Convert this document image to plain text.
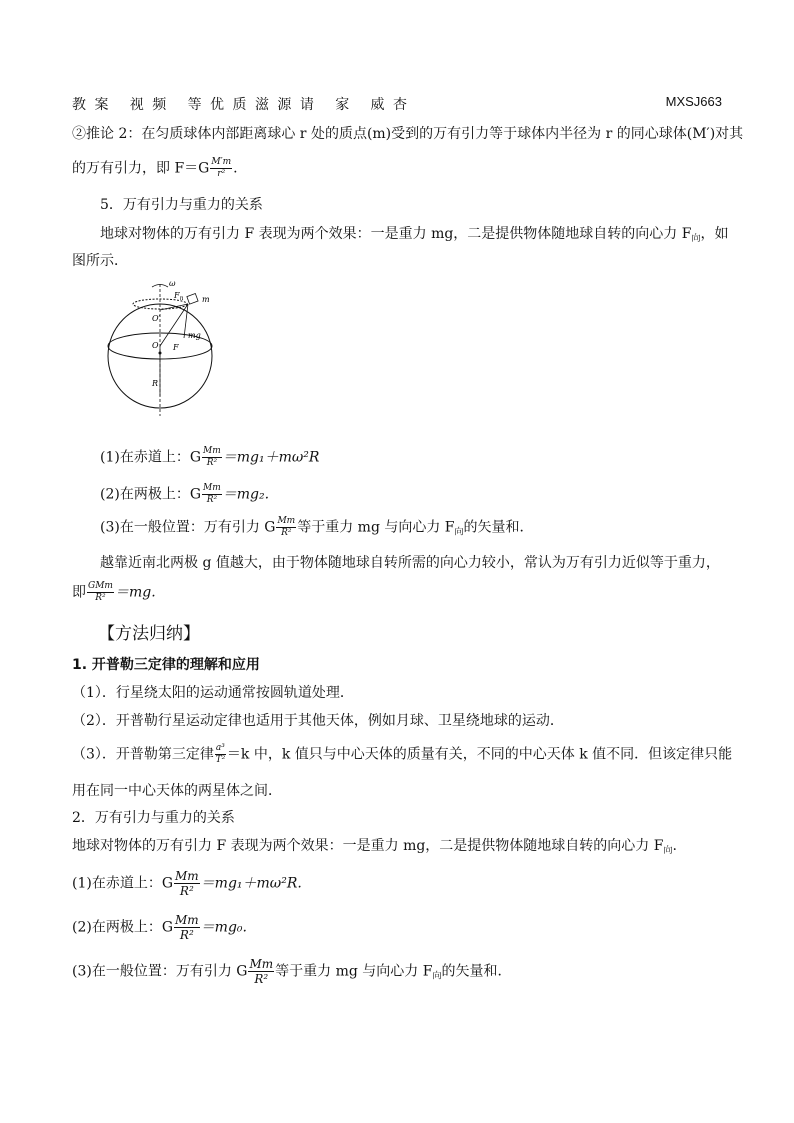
教 案   视 频   等 优 质 滋 源 请   家   威 杏	MXSJ663
②推论 2：在匀质球体内部距离球心 r 处的质点(m)受到的万有引力等于球体内半径为 r 的同心球体(M′)对其
的万有引力，即 $F=G \frac{M'm}{\text{r²}}$ .
5．万有引力与重力的关系
地球对物体的万有引力 F 表现为两个效果：一是重力 mg，二是提供物体随地球自转的向心力 $F_向$，如
图所示．
ω
$F_n$ m
O′
mg
O F
R
(1)在赤道上：G $\frac{Mm}{\text{R²}} =mg_1+m\omega^2R$
(2)在两极上：G $\frac{Mm}{\text{R²}} =mg_2$.
(3)在一般位置：万有引力 G $\frac{Mm}{\text{R²}}$ 等于重力 mg 与向心力 $F_向$的矢量和．
越靠近南北两极 g 值越大，由于物体随地球自转所需的向心力较小，常认为万有引力近似等于重力，
即 $\frac{\text{GMm}}{\text{R²}} =mg$.
【方法归纳】
1. 开普勒三定律的理解和应用
（1）．行星绕太阳的运动通常按圆轨道处理．
（2）．开普勒行星运动定律也适用于其他天体，例如月球、卫星绕地球的运动．
（3）．开普勒第三定律 $\frac{\text{a³}}{\text{T²}} =k$ 中，k 值只与中心天体的质量有关，不同的中心天体 k 值不同．但该定律只能
用在同一中心天体的两星体之间．
2．万有引力与重力的关系
地球对物体的万有引力 F 表现为两个效果：一是重力 mg，二是提供物体随地球自转的向心力 $F_向$.
(1)在赤道上：G $\frac{Mm}{\text{R²}} =mg_1+m\omega^2R$.
(2)在两极上：G $\frac{Mm}{\text{R²}} =mg_0$.
(3)在一般位置：万有引力 G $\frac{Mm}{\text{R²}}$ 等于重力 mg 与向心力 $F_向$的矢量和．
